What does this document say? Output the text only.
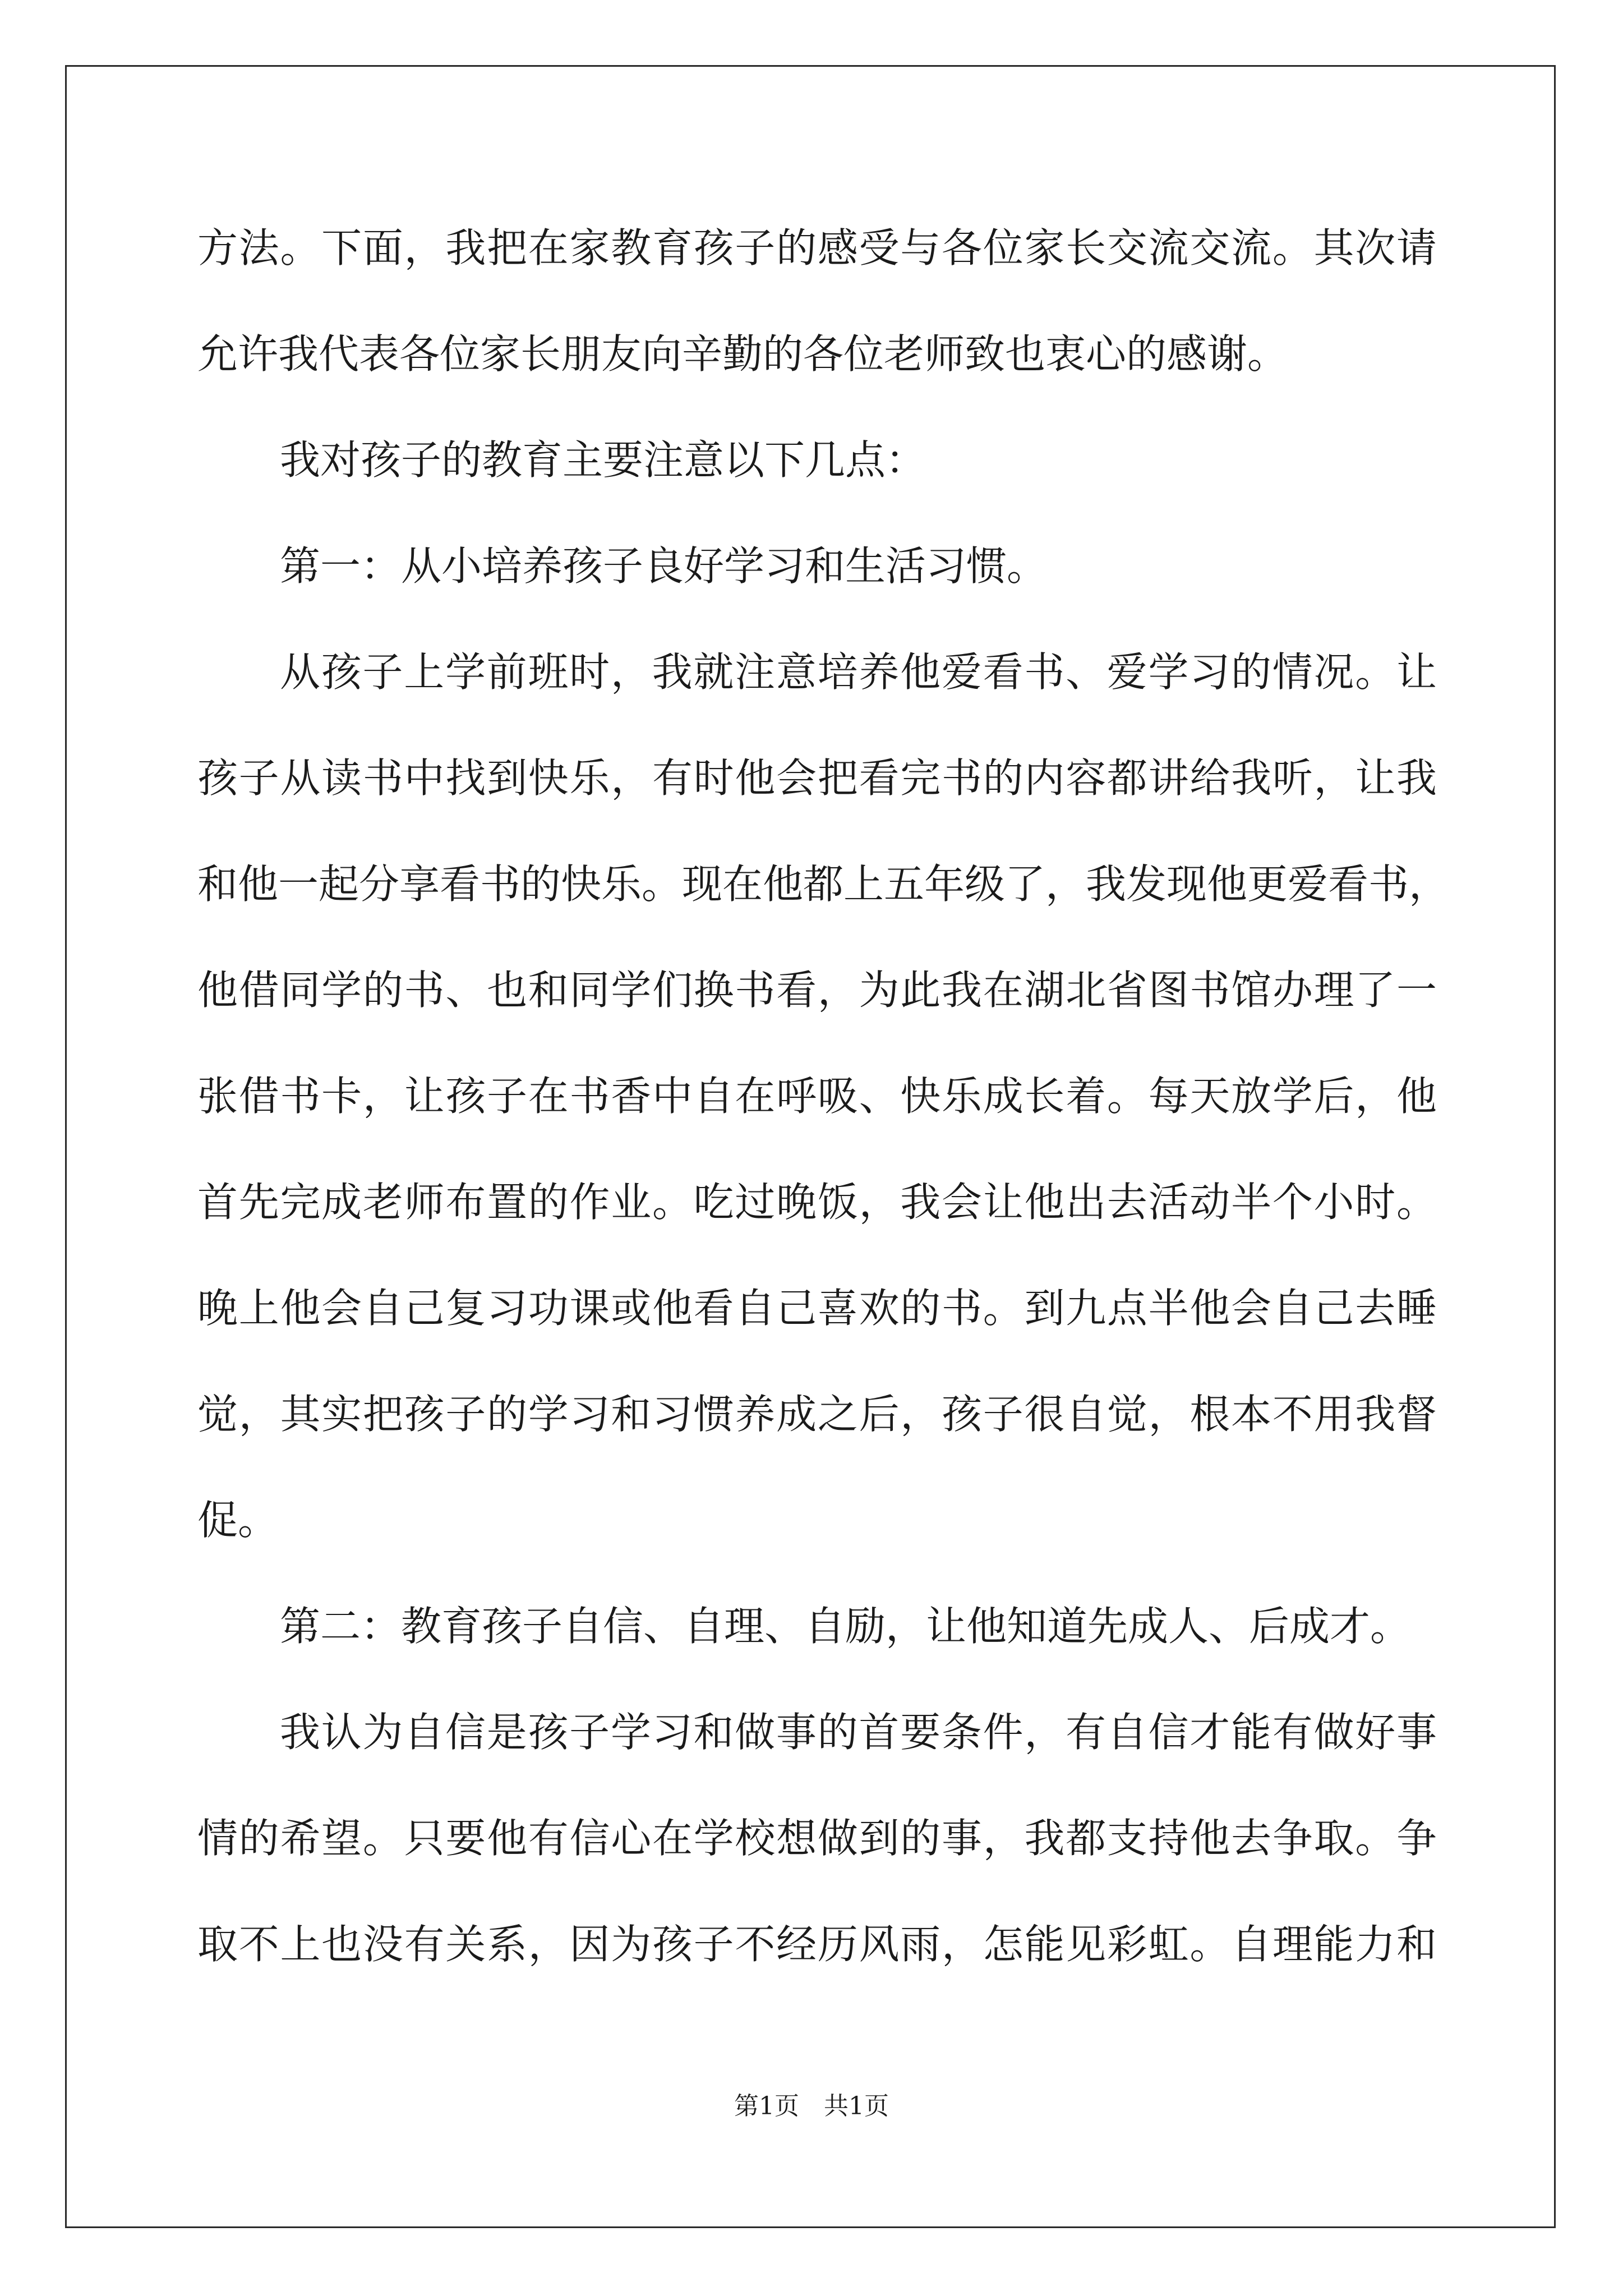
方法。下面，我把在家教育孩子的感受与各位家长交流交流。其次请
允许我代表各位家长朋友向辛勤的各位老师致也衷心的感谢。
我对孩子的教育主要注意以下几点：
第一：从小培养孩子良好学习和生活习惯。
从孩子上学前班时，我就注意培养他爱看书、爱学习的情况。让
孩子从读书中找到快乐，有时他会把看完书的内容都讲给我听，让我
和他一起分享看书的快乐。现在他都上五年级了，我发现他更爱看书，
他借同学的书、也和同学们换书看，为此我在湖北省图书馆办理了一
张借书卡，让孩子在书香中自在呼吸、快乐成长着。每天放学后，他
首先完成老师布置的作业。吃过晚饭，我会让他出去活动半个小时。
晚上他会自己复习功课或他看自己喜欢的书。到九点半他会自己去睡
觉，其实把孩子的学习和习惯养成之后，孩子很自觉，根本不用我督
促。
第二：教育孩子自信、自理、自励，让他知道先成人、后成才。
我认为自信是孩子学习和做事的首要条件，有自信才能有做好事
情的希望。只要他有信心在学校想做到的事，我都支持他去争取。争
取不上也没有关系，因为孩子不经历风雨，怎能见彩虹。自理能力和
第1页　共1页
